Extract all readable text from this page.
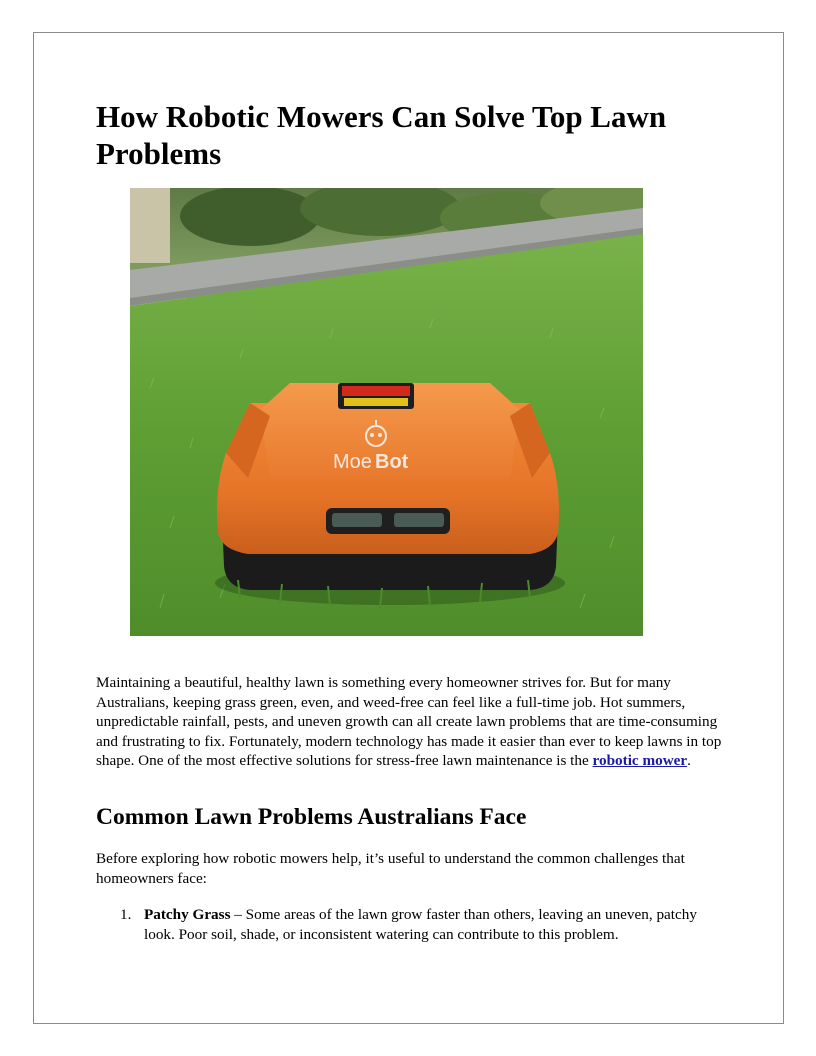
How Robotic Mowers Can Solve Top Lawn Problems
Moe Bot

Maintaining a beautiful, healthy lawn is something every homeowner strives for. But for many Australians, keeping grass green, even, and weed-free can feel like a full-time job. Hot summers, unpredictable rainfall, pests, and uneven growth can all create lawn problems that are time-consuming and frustrating to fix. Fortunately, modern technology has made it easier than ever to keep lawns in top shape. One of the most effective solutions for stress-free lawn maintenance is the robotic mower.

Common Lawn Problems Australians Face

Before exploring how robotic mowers help, it’s useful to understand the common challenges that homeowners face:

1. Patchy Grass – Some areas of the lawn grow faster than others, leaving an uneven, patchy look. Poor soil, shade, or inconsistent watering can contribute to this problem.
